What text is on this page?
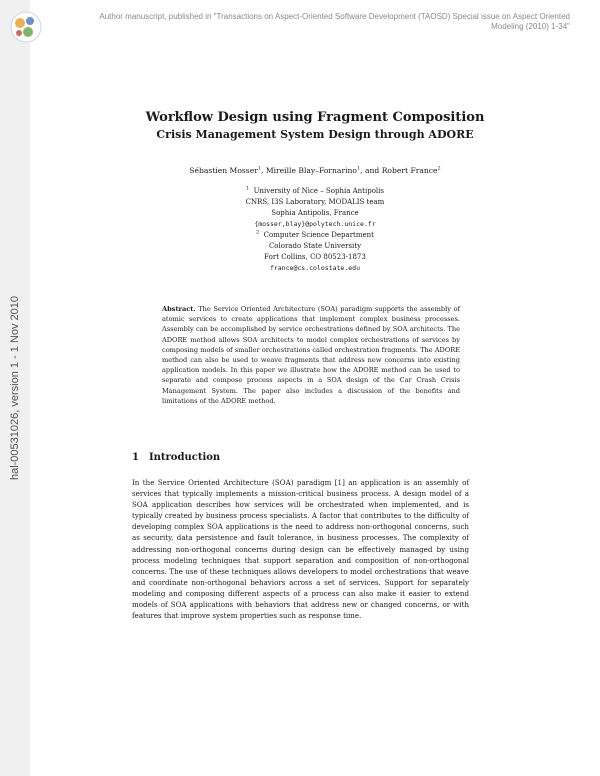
hal-00531026, version 1 - 1 Nov 2010
Author manuscript, published in "Transactions on Aspect-Oriented Software Development (TAOSD) Special issue on Aspect Oriented
Modeling (2010) 1-34"
Workflow Design using Fragment Composition
Crisis Management System Design through ADORE
Sébastien Mosser$^1$, Mireille Blay–Fornarino$^1$, and Robert France$^2$
$^1$ University of Nice – Sophia Antipolis
CNRS, I3S Laboratory, MODALIS team
Sophia Antipolis, France
{mosser,blay}@polytech.unice.fr
$^2$ Computer Science Department
Colorado State University
Fort Collins, CO 80523-1873
france@cs.colostate.edu
Abstract. The Service Oriented Architecture (SOA) paradigm supports the assembly of atomic services to create applications that implement complex business processes. Assembly can be accomplished by service orchestrations defined by SOA architects. The ADORE method allows SOA architects to model complex orchestrations of services by composing models of smaller orchestrations called orchestration fragments. The ADORE method can also be used to weave fragments that address new concerns into existing application models. In this paper we illustrate how the ADORE method can be used to separate and compose process aspects in a SOA design of the Car Crash Crisis Management System. The paper also includes a discussion of the benefits and limitations of the ADORE method.
1 Introduction
In the Service Oriented Architecture (SOA) paradigm [1] an application is an assembly of services that typically implements a mission-critical business process. A design model of a SOA application describes how services will be orchestrated when implemented, and is typically created by business process specialists. A factor that contributes to the difficulty of developing complex SOA applications is the need to address non-orthogonal concerns, such as security, data persistence and fault tolerance, in business processes. The complexity of addressing non-orthogonal concerns during design can be effectively managed by using process modeling techniques that support separation and composition of non-orthogonal concerns. The use of these techniques allows developers to model orchestrations that weave and coordinate non-orthogonal behaviors across a set of services. Support for separately modeling and composing different aspects of a process can also make it easier to extend models of SOA applications with behaviors that address new or changed concerns, or with features that improve system properties such as response time.
